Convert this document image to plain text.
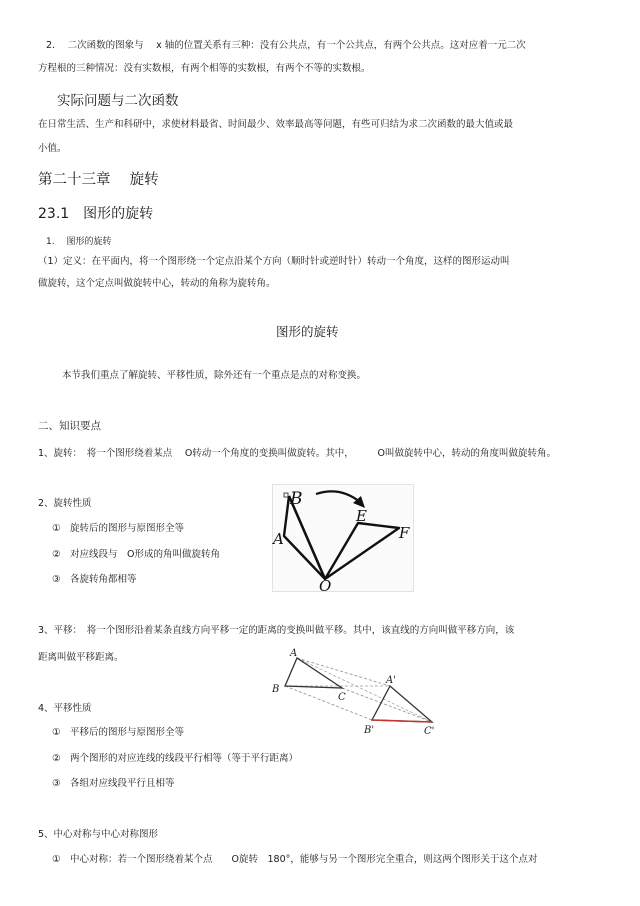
2.　 二次函数的图象与　 x 轴的位置关系有三种：没有公共点，有一个公共点，有两个公共点。这对应着一元二次
方程根的三种情况：没有实数根，有两个相等的实数根，有两个不等的实数根。
实际问题与二次函数
在日常生活、生产和科研中，求使材料最省、时间最少、效率最高等问题，有些可归结为求二次函数的最大值或最
小值。
第二十三章　 旋转
23.1　图形的旋转
1.　 图形的旋转
（1）定义：在平面内，将一个图形绕一个定点沿某个方向（顺时针或逆时针）转动一个角度，这样的图形运动叫
做旋转，这个定点叫做旋转中心，转动的角称为旋转角。
图形的旋转
本节我们重点了解旋转、平移性质，除外还有一个重点是点的对称变换。
二、知识要点
1、旋转：　将一个图形绕着某点　 O转动一个角度的变换叫做旋转。其中，　　　O叫做旋转中心，转动的角度叫做旋转角。
2、旋转性质
①　旋转后的图形与原图形全等
②　对应线段与　O形成的角叫做旋转角
③　各旋转角都相等
B
A
E
F
O
3、平移：　将一个图形沿着某条直线方向平移一定的距离的变换叫做平移。其中，该直线的方向叫做平移方向，该
距离叫做平移距离。	A
B
C
A'
B'	C'
4、平移性质
①　平移后的图形与原图形全等
②　两个图形的对应连线的线段平行相等（等于平行距离）
③　各组对应线段平行且相等
5、中心对称与中心对称图形
①　中心对称：若一个图形绕着某个点　　O旋转　180°，能够与另一个图形完全重合，则这两个图形关于这个点对
